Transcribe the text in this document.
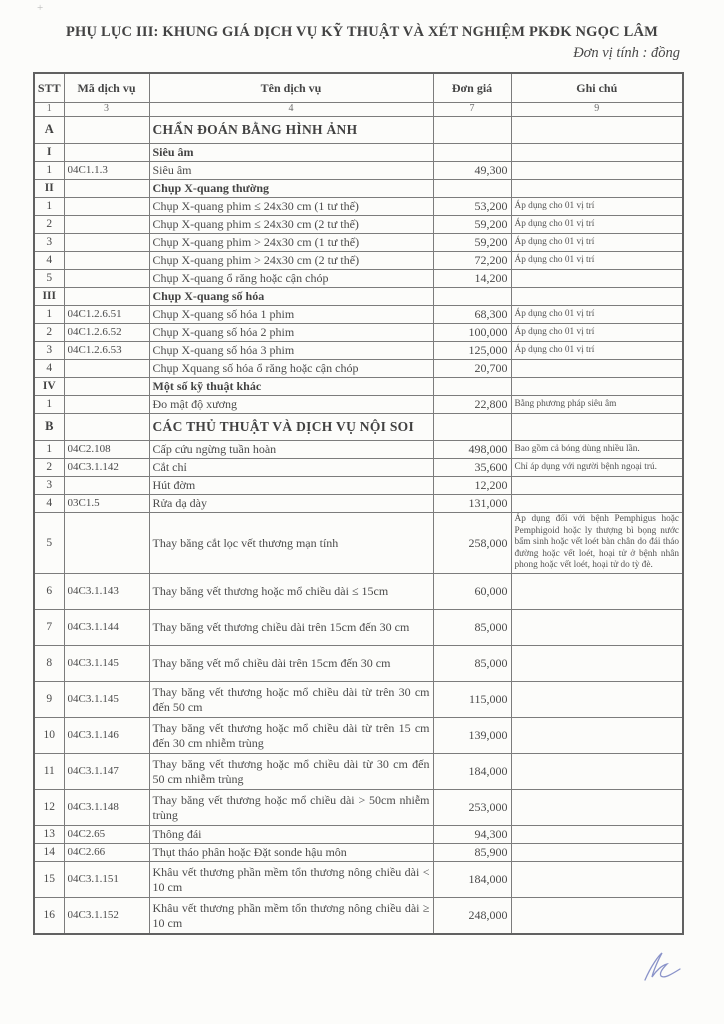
+
PHỤ LỤC III: KHUNG GIÁ DỊCH VỤ KỸ THUẬT VÀ XÉT NGHIỆM PKĐK NGỌC LÂM
Đơn vị tính : đồng
STT	Mã dịch vụ	Tên dịch vụ	Đơn giá	Ghi chú
1	3	4	7	9
A		CHẨN ĐOÁN BẰNG HÌNH ẢNH		
I		Siêu âm		
1	04C1.1.3	Siêu âm	49,300	
II		Chụp X-quang thường		
1		Chụp X-quang phim ≤ 24x30 cm (1 tư thế)	53,200	Áp dụng cho 01 vị trí
2		Chụp X-quang phim ≤ 24x30 cm (2 tư thế)	59,200	Áp dụng cho 01 vị trí
3		Chụp X-quang phim > 24x30 cm (1 tư thế)	59,200	Áp dụng cho 01 vị trí
4		Chụp X-quang phim > 24x30 cm (2 tư thế)	72,200	Áp dụng cho 01 vị trí
5		Chụp X-quang ổ răng hoặc cận chóp	14,200	
III		Chụp X-quang số hóa		
1	04C1.2.6.51	Chụp X-quang số hóa 1 phim	68,300	Áp dụng cho 01 vị trí
2	04C1.2.6.52	Chụp X-quang số hóa 2 phim	100,000	Áp dụng cho 01 vị trí
3	04C1.2.6.53	Chụp X-quang số hóa 3 phim	125,000	Áp dụng cho 01 vị trí
4		Chụp Xquang số hóa ổ răng hoặc cận chóp	20,700	
IV		Một số kỹ thuật khác		
1		Đo mật độ xương	22,800	Bằng phương pháp siêu âm
B		CÁC THỦ THUẬT VÀ DỊCH VỤ NỘI SOI		
1	04C2.108	Cấp cứu ngừng tuần hoàn	498,000	Bao gồm cả bóng dùng nhiều lần.
2	04C3.1.142	Cắt chỉ	35,600	Chỉ áp dụng với người bệnh ngoại trú.
3		Hút đờm	12,200	
4	03C1.5	Rửa dạ dày	131,000	
5		Thay băng cắt lọc vết thương mạn tính	258,000	Áp dụng đối với bệnh Pemphigus hoặc Pemphigoid hoặc ly thượng bì bọng nước bẩm sinh hoặc vết loét bàn chân do đái tháo đường hoặc vết loét, hoại tử ở bệnh nhân phong hoặc vết loét, hoại tử do tỳ đè.
6	04C3.1.143	Thay băng vết thương hoặc mổ chiều dài ≤ 15cm	60,000	
7	04C3.1.144	Thay băng vết thương chiều dài trên 15cm đến 30 cm	85,000	
8	04C3.1.145	Thay băng vết mổ chiều dài trên 15cm đến 30 cm	85,000	
9	04C3.1.145	Thay băng vết thương hoặc mổ chiều dài từ trên 30 cm đến 50 cm	115,000	
10	04C3.1.146	Thay băng vết thương hoặc mổ chiều dài từ trên 15 cm đến 30 cm nhiễm trùng	139,000	
11	04C3.1.147	Thay băng vết thương hoặc mổ chiều dài từ 30 cm đến 50 cm nhiễm trùng	184,000	
12	04C3.1.148	Thay băng vết thương hoặc mổ chiều dài > 50cm nhiễm trùng	253,000	
13	04C2.65	Thông đái	94,300	
14	04C2.66	Thụt tháo phân hoặc Đặt sonde hậu môn	85,900	
15	04C3.1.151	Khâu vết thương phần mềm tổn thương nông chiều dài < 10 cm	184,000	
16	04C3.1.152	Khâu vết thương phần mềm tổn thương nông chiều dài ≥ 10 cm	248,000	
